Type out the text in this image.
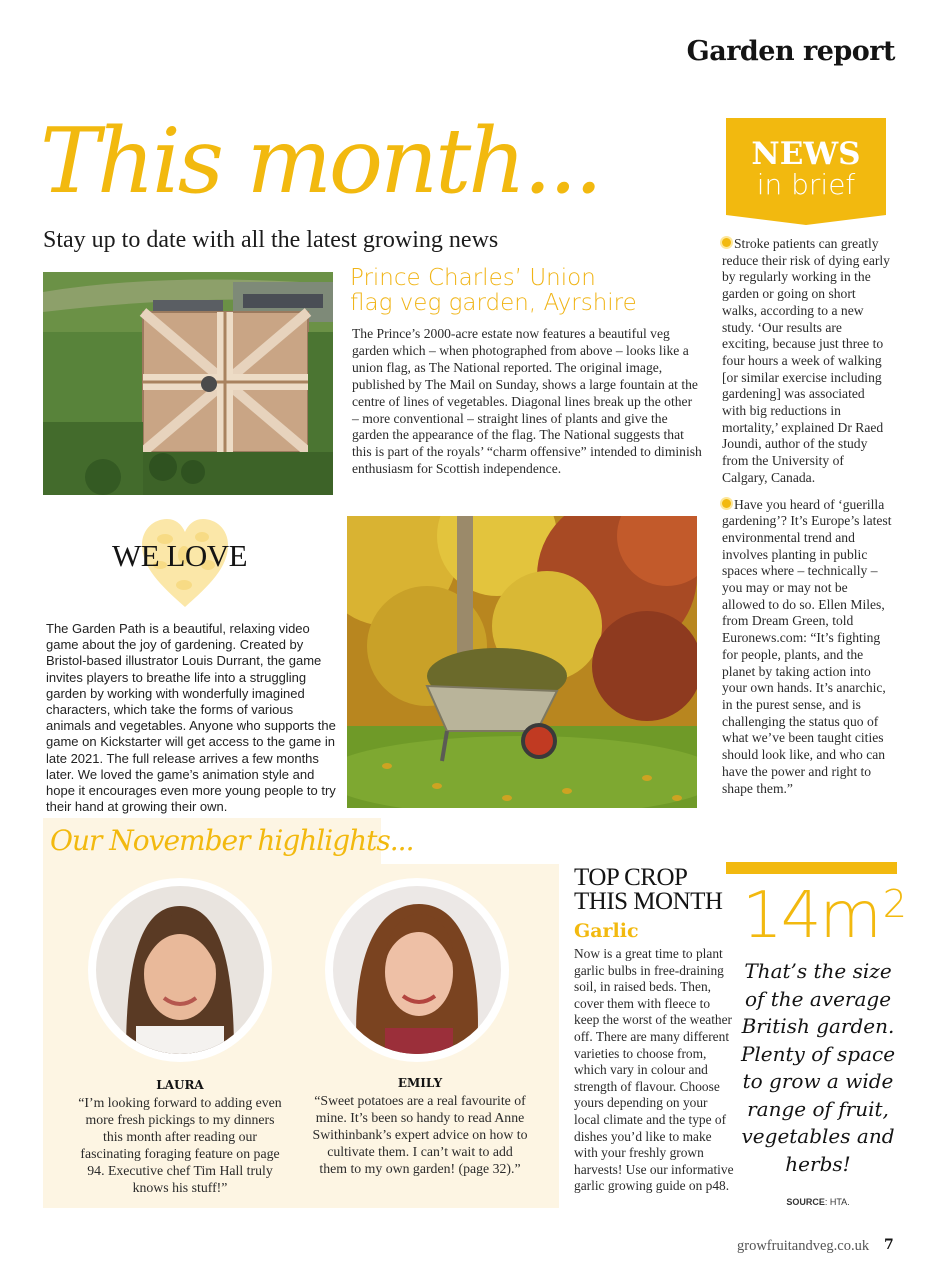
Garden report
This month...
Stay up to date with all the latest growing news
Prince Charles’ Union
flag veg garden, Ayrshire
The Prince’s 2000-acre estate now features a beautiful veg garden which – when photographed from above – looks like a union flag, as The National reported. The original image, published by The Mail on Sunday, shows a large fountain at the centre of lines of vegetables. Diagonal lines break up the other – more conventional – straight lines of plants and give the garden the appearance of the flag. The National suggests that this is part of the royals’ “charm offensive” intended to diminish enthusiasm for Scottish independence.
NEWS
in brief

Stroke patients can greatly reduce their risk of dying early by regularly working in the garden or going on short walks, according to a new study. ‘Our results are exciting, because just three to four hours a week of walking [or similar exercise including gardening] was associated with big reductions in mortality,’ explained Dr Raed Joundi, author of the study from the University of Calgary, Canada.

Have you heard of ‘guerilla gardening’? It’s Europe’s latest environmental trend and involves planting in public spaces where – technically – you may or may not be allowed to do so. Ellen Miles, from Dream Green, told Euronews.com: “It’s fighting for people, plants, and the planet by taking action into your own hands. It’s anarchic, in the purest sense, and is challenging the status quo of what we’ve been taught cities should look like, and who can have the power and right to shape them.”

WE LOVE
The Garden Path is a beautiful, relaxing video game about the joy of gardening. Created by Bristol-based illustrator Louis Durrant, the game invites players to breathe life into a struggling garden by working with wonderfully imagined characters, which take the forms of various animals and vegetables. Anyone who supports the game on Kickstarter will get access to the game in late 2021. The full release arrives a few months later. We loved the game’s animation style and hope it encourages even more young people to try their hand at growing their own.
Our November highlights...
LAURA
“I’m looking forward to adding even more fresh pickings to my dinners this month after reading our fascinating foraging feature on page 94. Executive chef Tim Hall truly knows his stuff!”
EMILY
“Sweet potatoes are a real favourite of mine. It’s been so handy to read Anne Swithinbank’s expert advice on how to cultivate them. I can’t wait to add them to my own garden! (page 32).”
TOP CROP
THIS MONTH
Garlic
Now is a great time to plant garlic bulbs in free-draining soil, in raised beds. Then, cover them with fleece to keep the worst of the weather off. There are many different varieties to choose from, which vary in colour and strength of flavour. Choose yours depending on your local climate and the type of dishes you’d like to make with your freshly grown harvests! Use our informative garlic growing guide on p48.
$14m^2$
That’s the size of the average British garden. Plenty of space to grow a wide range of fruit, vegetables and herbs!
SOURCE: HTA.
growfruitandveg.co.uk 7
